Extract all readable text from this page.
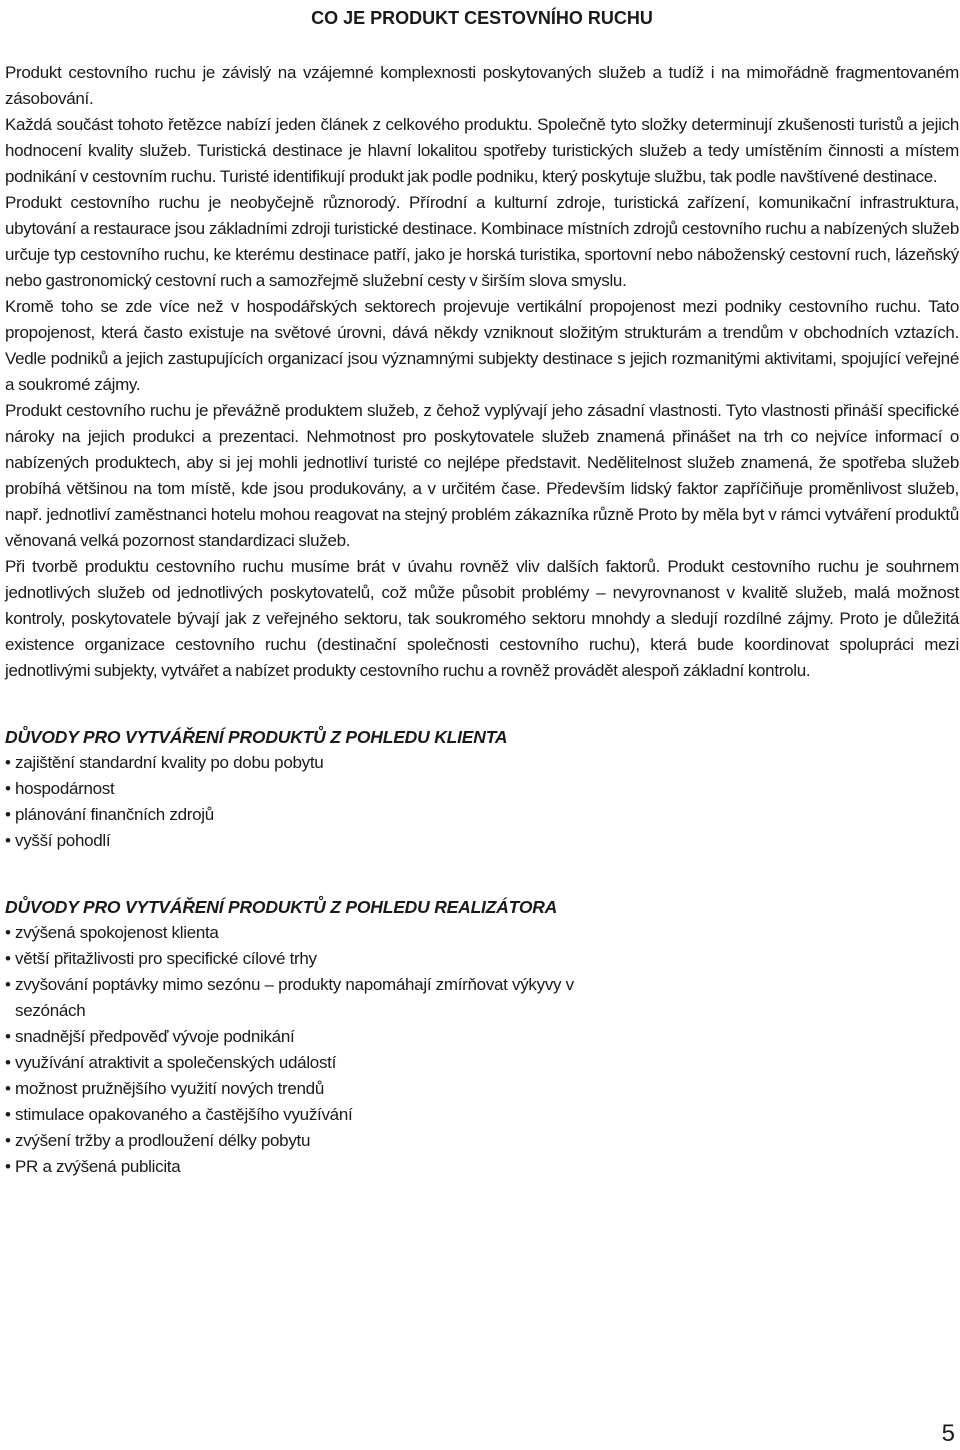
CO JE PRODUKT CESTOVNÍHO RUCHU

Produkt cestovního ruchu je závislý na vzájemné komplexnosti poskytovaných služeb a tudíž i na mimořádně fragmentovaném zásobování.

Každá součást tohoto řetězce nabízí jeden článek z celkového produktu. Společně tyto složky determinují zkušenosti turistů a jejich hodnocení kvality služeb. Turistická destinace je hlavní lokalitou spotřeby turistických služeb a tedy umístěním činnosti a místem podnikání v cestovním ruchu. Turisté identifikují produkt jak podle podniku, který poskytuje službu, tak podle navštívené destinace.

Produkt cestovního ruchu je neobyčejně různorodý. Přírodní a kulturní zdroje, turistická zařízení, komunikační infrastruktura, ubytování a restaurace jsou základními zdroji turistické destinace. Kombinace místních zdrojů cestovního ruchu a nabízených služeb určuje typ cestovního ruchu, ke kterému destinace patří, jako je horská turistika, sportovní nebo náboženský cestovní ruch, lázeňský nebo gastronomický cestovní ruch a samozřejmě služební cesty v širším slova smyslu.

Kromě toho se zde více než v hospodářských sektorech projevuje vertikální propojenost mezi podniky cestovního ruchu. Tato propojenost, která často existuje na světové úrovni, dává někdy vzniknout složitým strukturám a trendům v obchodních vztazích. Vedle podniků a jejich zastupujících organizací jsou významnými subjekty destinace s jejich rozmanitými aktivitami, spojující veřejné a soukromé zájmy.

Produkt cestovního ruchu je převážně produktem služeb, z čehož vyplývají jeho zásadní vlastnosti. Tyto vlastnosti přináší specifické nároky na jejich produkci a prezentaci. Nehmotnost pro poskytovatele služeb znamená přinášet na trh co nejvíce informací o nabízených produktech, aby si jej mohli jednotliví turisté co nejlépe představit. Nedělitelnost služeb znamená, že spotřeba služeb probíhá většinou na tom místě, kde jsou produkovány, a v určitém čase. Především lidský faktor zapříčiňuje proměnlivost služeb, např. jednotliví zaměstnanci hotelu mohou reagovat na stejný problém zákazníka různě Proto by měla byt v rámci vytváření produktů věnovaná velká pozornost standardizaci služeb.

Při tvorbě produktu cestovního ruchu musíme brát v úvahu rovněž vliv dalších faktorů. Produkt cestovního ruchu je souhrnem jednotlivých služeb od jednotlivých poskytovatelů, což může působit problémy – nevyrovnanost v kvalitě služeb, malá možnost kontroly, poskytovatele bývají jak z veřejného sektoru, tak soukromého sektoru mnohdy a sledují rozdílné zájmy. Proto je důležitá existence organizace cestovního ruchu (destinační společnosti cestovního ruchu), která bude koordinovat spolupráci mezi jednotlivými subjekty, vytvářet a nabízet produkty cestovního ruchu a rovněž provádět alespoň základní kontrolu.

DŮVODY PRO VYTVÁŘENÍ PRODUKTŮ Z POHLEDU KLIENTA
• zajištění standardní kvality po dobu pobytu
• hospodárnost
• plánování finančních zdrojů
• vyšší pohodlí
DŮVODY PRO VYTVÁŘENÍ PRODUKTŮ Z POHLEDU REALIZÁTORA
• zvýšená spokojenost klienta
• větší přitažlivosti pro specifické cílové trhy
• zvyšování poptávky mimo sezónu – produkty napomáhají zmírňovat výkyvy v sezónách
• snadnější předpověď vývoje podnikání
• využívání atraktivit a společenských událostí
• možnost pružnějšího využití nových trendů
• stimulace opakovaného a častějšího využívání
• zvýšení tržby a prodloužení délky pobytu
• PR a zvýšená publicita
5
